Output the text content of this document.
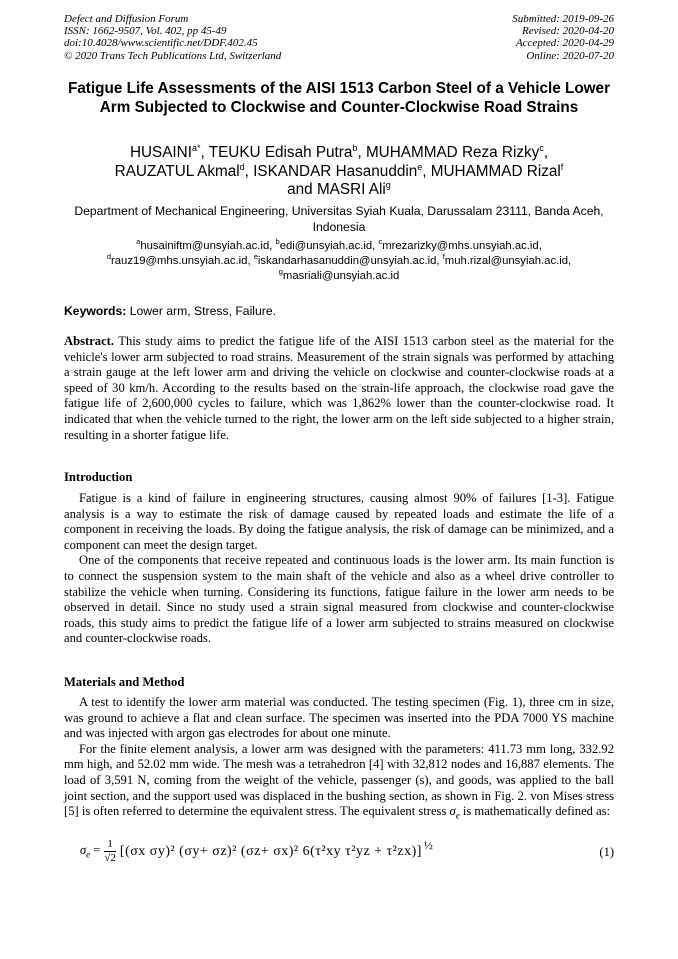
Defect and Diffusion Forum
ISSN: 1662-9507, Vol. 402, pp 45-49
doi:10.4028/www.scientific.net/DDF.402.45
© 2020 Trans Tech Publications Ltd, Switzerland
Submitted: 2019-09-26
Revised: 2020-04-20
Accepted: 2020-04-29
Online: 2020-07-20
Fatigue Life Assessments of the AISI 1513 Carbon Steel of a Vehicle Lower Arm Subjected to Clockwise and Counter-Clockwise Road Strains
$HUSAINI^{a*}$, TEUKU Edisah Putra$^b$, MUHAMMAD Reza Rizky$^c$,
RAUZATUL Akmal$^d$, ISKANDAR Hasanuddin$^e$, MUHAMMAD Rizal$^f$
and MASRI Ali$^g$
Department of Mechanical Engineering, Universitas Syiah Kuala, Darussalam 23111, Banda Aceh, Indonesia
$^a$husainiftm@unsyiah.ac.id, $^b$edi@unsyiah.ac.id, $^c$mrezarizky@mhs.unsyiah.ac.id,
$^d$rauz19@mhs.unsyiah.ac.id, $^e$iskandarhasanuddin@unsyiah.ac.id, $^f$muh.rizal@unsyiah.ac.id,
$^g$masriali@unsyiah.ac.id
Keywords: Lower arm, Stress, Failure.

Abstract. This study aims to predict the fatigue life of the AISI 1513 carbon steel as the material for the vehicle's lower arm subjected to road strains. Measurement of the strain signals was performed by attaching a strain gauge at the left lower arm and driving the vehicle on clockwise and counter-clockwise roads at a speed of 30 km/h. According to the results based on the strain-life approach, the clockwise road gave the fatigue life of 2,600,000 cycles to failure, which was 1,862% lower than the counter-clockwise road. It indicated that when the vehicle turned to the right, the lower arm on the left side subjected to a higher strain, resulting in a shorter fatigue life.

Introduction

Fatigue is a kind of failure in engineering structures, causing almost 90% of failures [1-3]. Fatigue analysis is a way to estimate the risk of damage caused by repeated loads and estimate the life of a component in receiving the loads. By doing the fatigue analysis, the risk of damage can be minimized, and a component can meet the design target.

One of the components that receive repeated and continuous loads is the lower arm. Its main function is to connect the suspension system to the main shaft of the vehicle and also as a wheel drive controller to stabilize the vehicle when turning. Considering its functions, fatigue failure in the lower arm needs to be observed in detail. Since no study used a strain signal measured from clockwise and counter-clockwise roads, this study aims to predict the fatigue life of a lower arm subjected to strains measured on clockwise and counter-clockwise roads.

Materials and Method

A test to identify the lower arm material was conducted. The testing specimen (Fig. 1), three cm in size, was ground to achieve a flat and clean surface. The specimen was inserted into the PDA 7000 YS machine and was injected with argon gas electrodes for about one minute.

For the finite element analysis, a lower arm was designed with the parameters: 411.73 mm long, 332.92 mm high, and 52.02 mm wide. The mesh was a tetrahedron [4] with 32,812 nodes and 16,887 elements. The load of 3,591 N, coming from the weight of the vehicle, passenger (s), and goods, was applied to the ball joint section, and the support used was displaced in the bushing section, as shown in Fig. 2. von Mises stress [5] is often referred to determine the equivalent stress. The equivalent stress $\sigma_e$ is mathematically defined as:

$\sigma_e = \frac{1}{√2} [(\sigma x$ σy)² (σy+ σz)² (σz+ σx)² 6(τ²xy τ²yz + τ²zx)] ½	(1)
